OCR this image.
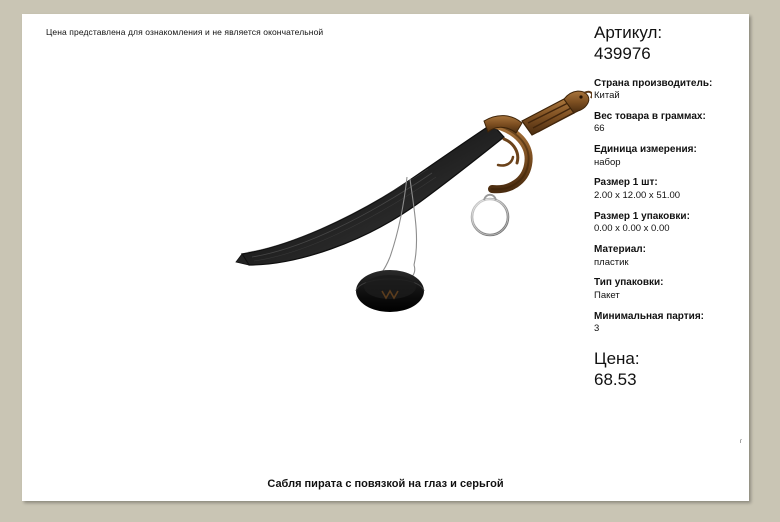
Цена представлена для ознакомления и не является окончательной	Артикул:
439976
Страна производитель:
Китай
Вес товара в граммах:
66
Единица измерения:
набор
Размер 1 шт:
2.00 x 12.00 x 51.00
Размер 1 упаковки:
0.00 x 0.00 x 0.00
Материал:
пластик
Тип упаковки:
Пакет
Минимальная партия:
3
Цена:
68.53
г
Сабля пирата с повязкой на глаз и серьгой
